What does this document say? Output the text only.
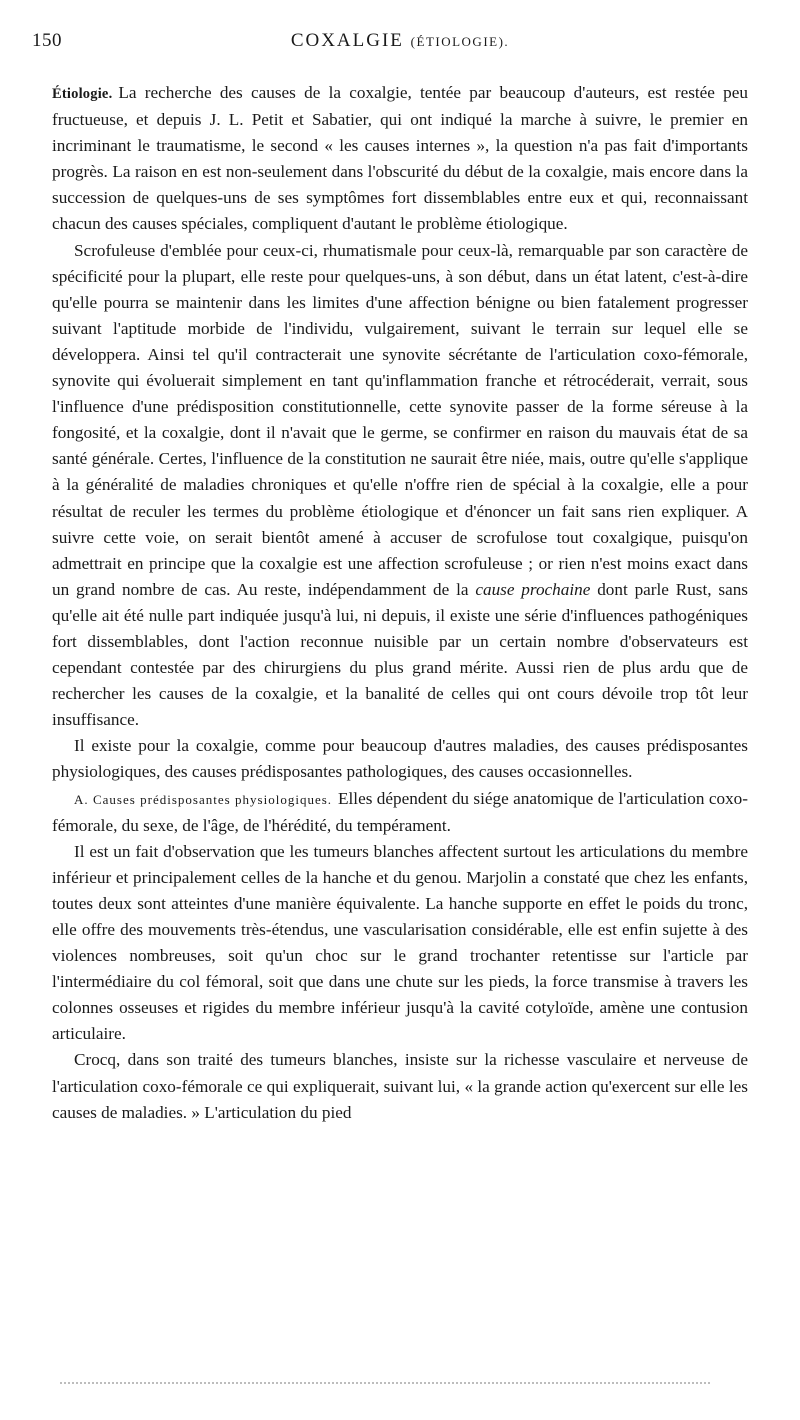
150	COXALGIE (ÉTIOLOGIE).

Étiologie. La recherche des causes de la coxalgie, tentée par beaucoup d'auteurs, est restée peu fructueuse, et depuis J. L. Petit et Sabatier, qui ont indiqué la marche à suivre, le premier en incriminant le traumatisme, le second « les causes internes », la question n'a pas fait d'importants progrès. La raison en est non-seulement dans l'obscurité du début de la coxalgie, mais encore dans la succession de quelques-uns de ses symptômes fort dissemblables entre eux et qui, reconnaissant chacun des causes spéciales, compliquent d'autant le problème étiologique.

Scrofuleuse d'emblée pour ceux-ci, rhumatismale pour ceux-là, remarquable par son caractère de spécificité pour la plupart, elle reste pour quelques-uns, à son début, dans un état latent, c'est-à-dire qu'elle pourra se maintenir dans les limites d'une affection bénigne ou bien fatalement progresser suivant l'aptitude morbide de l'individu, vulgairement, suivant le terrain sur lequel elle se développera. Ainsi tel qu'il contracterait une synovite sécrétante de l'articulation coxo-fémorale, synovite qui évoluerait simplement en tant qu'inflammation franche et rétrocéderait, verrait, sous l'influence d'une prédisposition constitutionnelle, cette synovite passer de la forme séreuse à la fongosité, et la coxalgie, dont il n'avait que le germe, se confirmer en raison du mauvais état de sa santé générale. Certes, l'influence de la constitution ne saurait être niée, mais, outre qu'elle s'applique à la généralité de maladies chroniques et qu'elle n'offre rien de spécial à la coxalgie, elle a pour résultat de reculer les termes du problème étiologique et d'énoncer un fait sans rien expliquer. A suivre cette voie, on serait bientôt amené à accuser de scrofulose tout coxalgique, puisqu'on admettrait en principe que la coxalgie est une affection scrofuleuse ; or rien n'est moins exact dans un grand nombre de cas. Au reste, indépendamment de la cause prochaine dont parle Rust, sans qu'elle ait été nulle part indiquée jusqu'à lui, ni depuis, il existe une série d'influences pathogéniques fort dissemblables, dont l'action reconnue nuisible par un certain nombre d'observateurs est cependant contestée par des chirurgiens du plus grand mérite. Aussi rien de plus ardu que de rechercher les causes de la coxalgie, et la banalité de celles qui ont cours dévoile trop tôt leur insuffisance.

Il existe pour la coxalgie, comme pour beaucoup d'autres maladies, des causes prédisposantes physiologiques, des causes prédisposantes pathologiques, des causes occasionnelles.

A. Causes prédisposantes physiologiques. Elles dépendent du siége anatomique de l'articulation coxo-fémorale, du sexe, de l'âge, de l'hérédité, du tempérament.

Il est un fait d'observation que les tumeurs blanches affectent surtout les articulations du membre inférieur et principalement celles de la hanche et du genou. Marjolin a constaté que chez les enfants, toutes deux sont atteintes d'une manière équivalente. La hanche supporte en effet le poids du tronc, elle offre des mouvements très-étendus, une vascularisation considérable, elle est enfin sujette à des violences nombreuses, soit qu'un choc sur le grand trochanter retentisse sur l'article par l'intermédiaire du col fémoral, soit que dans une chute sur les pieds, la force transmise à travers les colonnes osseuses et rigides du membre inférieur jusqu'à la cavité cotyloïde, amène une contusion articulaire.

Crocq, dans son traité des tumeurs blanches, insiste sur la richesse vasculaire et nerveuse de l'articulation coxo-fémorale ce qui expliquerait, suivant lui, « la grande action qu'exercent sur elle les causes de maladies. » L'articulation du pied
